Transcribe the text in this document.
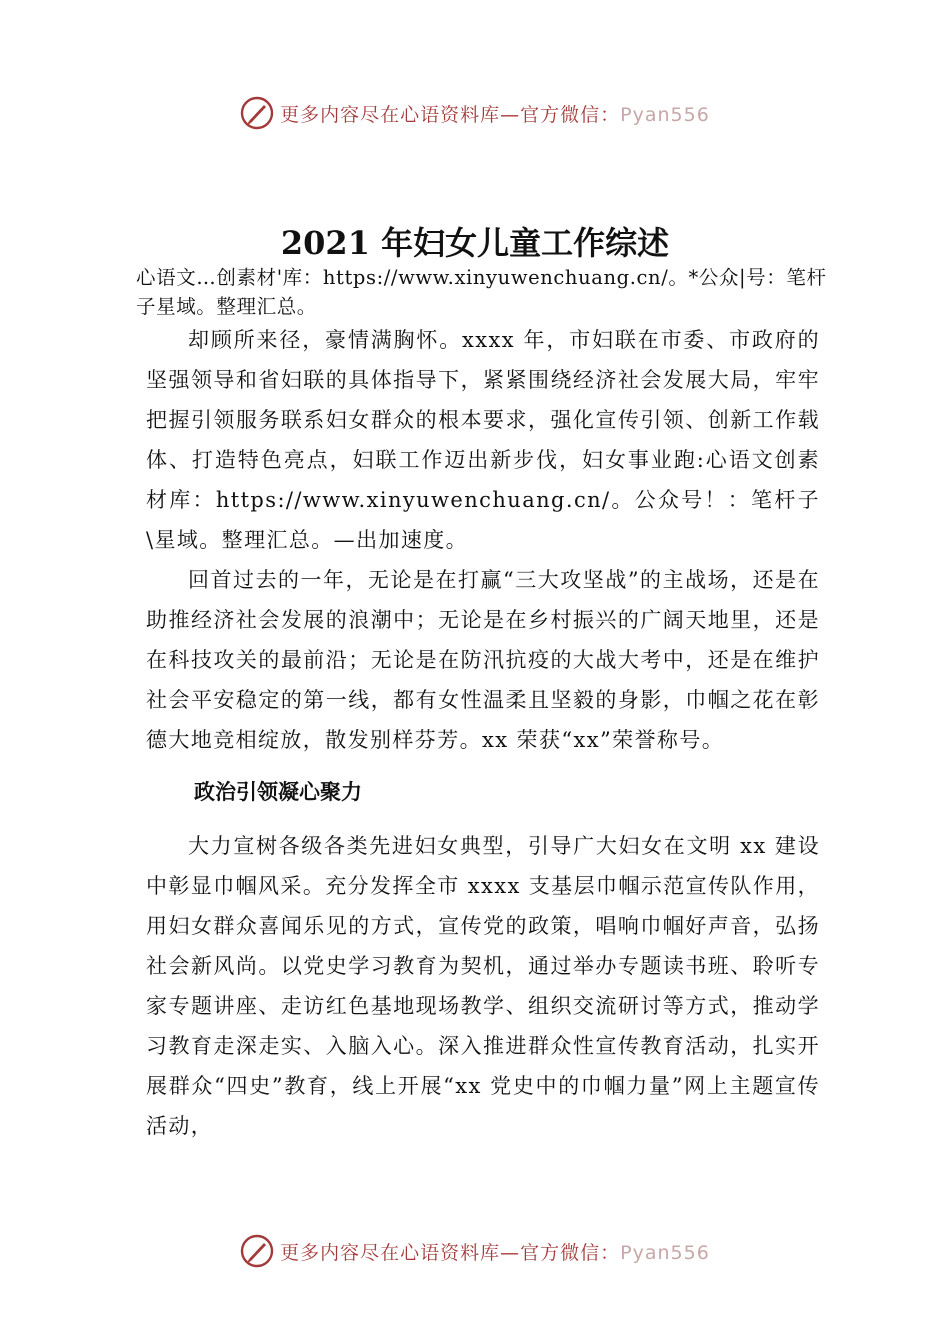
更多内容尽在心语资料库—官方微信：Pyan556
2021 年妇女儿童工作综述

心语文…创素材'库：https://www.xinyuwenchuang.cn/。*公众|号：笔杆子星域。整理汇总。

却顾所来径，豪情满胸怀。xxxx 年，市妇联在市委、市政府的坚强领导和省妇联的具体指导下，紧紧围绕经济社会发展大局，牢牢把握引领服务联系妇女群众的根本要求，强化宣传引领、创新工作载体、打造特色亮点，妇联工作迈出新步伐，妇女事业跑:心语文创素材库：https://www.xinyuwenchuang.cn/。公众号！：笔杆子\星域。整理汇总。—出加速度。

回首过去的一年，无论是在打赢“三大攻坚战”的主战场，还是在助推经济社会发展的浪潮中；无论是在乡村振兴的广阔天地里，还是在科技攻关的最前沿；无论是在防汛抗疫的大战大考中，还是在维护社会平安稳定的第一线，都有女性温柔且坚毅的身影，巾帼之花在彰德大地竞相绽放，散发别样芬芳。xx 荣获“xx”荣誉称号。

政治引领凝心聚力

大力宣树各级各类先进妇女典型，引导广大妇女在文明 xx 建设中彰显巾帼风采。充分发挥全市 xxxx 支基层巾帼示范宣传队作用，用妇女群众喜闻乐见的方式，宣传党的政策，唱响巾帼好声音，弘扬社会新风尚。以党史学习教育为契机，通过举办专题读书班、聆听专家专题讲座、走访红色基地现场教学、组织交流研讨等方式，推动学习教育走深走实、入脑入心。深入推进群众性宣传教育活动，扎实开展群众“四史”教育，线上开展“xx 党史中的巾帼力量”网上主题宣传活动，

更多内容尽在心语资料库—官方微信：Pyan556
